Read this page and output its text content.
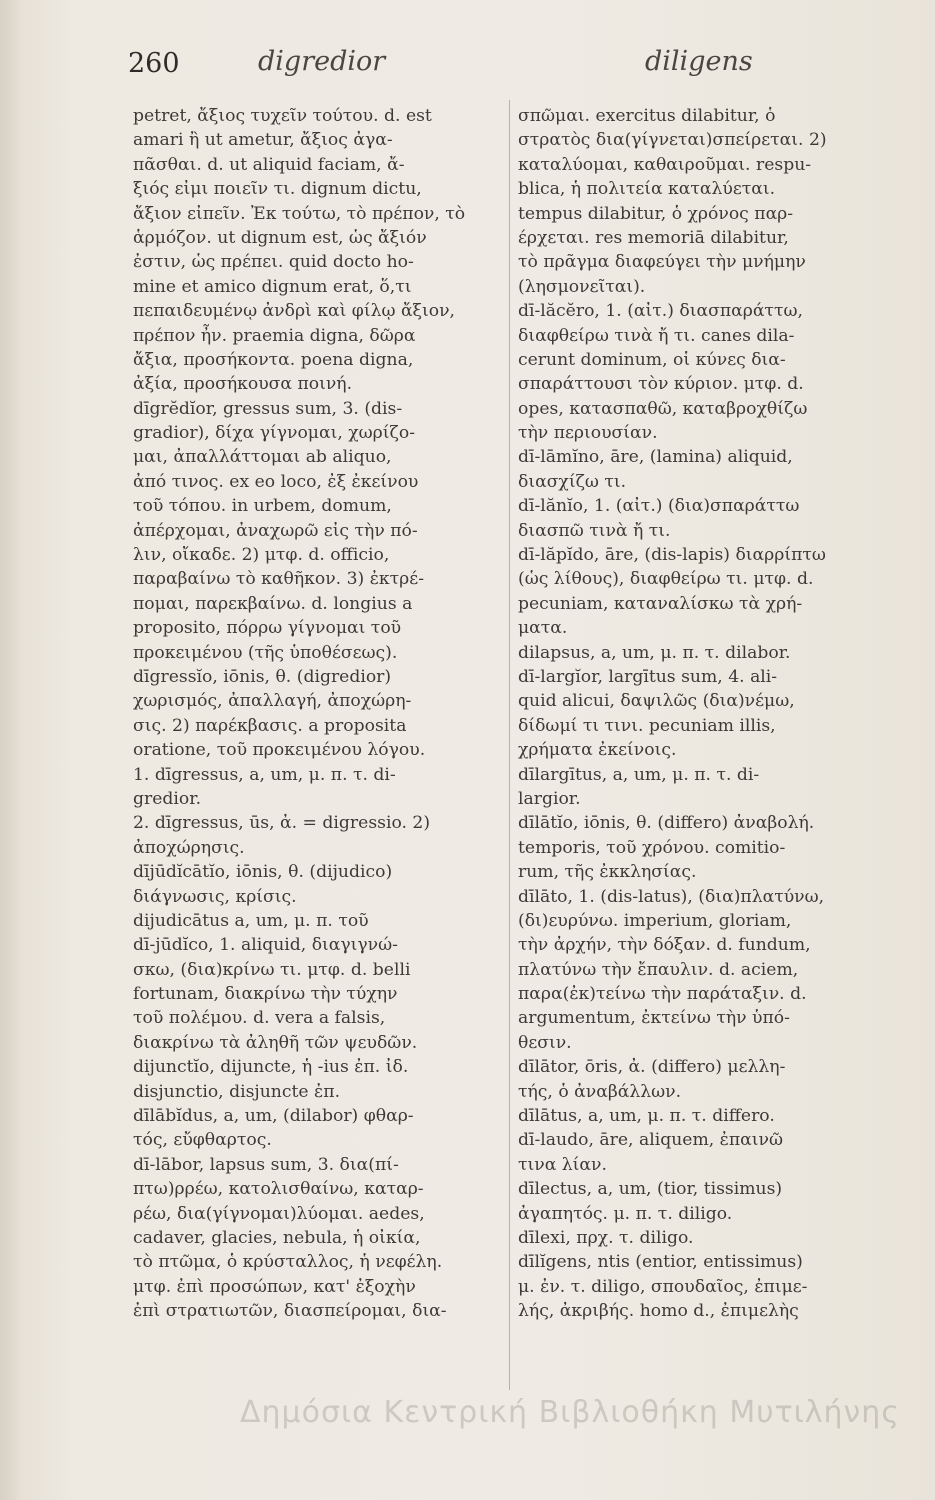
260	digredior	diligens
petret, ἄξιος τυχεῖν τούτου. d. est
amari ἢ ut ametur, ἄξιος ἀγα-
πᾶσθαι. d. ut aliquid faciam, ἄ-
ξιός εἰμι ποιεῖν τι. dignum dictu,
ἄξιον εἰπεῖν. Ἐκ τούτω, τὸ πρέπον, τὸ
ἁρμόζον. ut dignum est, ὡς ἄξιόν
ἐστιν, ὡς πρέπει. quid docto ho-
mine et amico dignum erat, ὅ,τι
πεπαιδευμένῳ ἀνδρὶ καὶ φίλῳ ἄξιον,
πρέπον ἦν. praemia digna, δῶρα
ἄξια, προσήκοντα. poena digna,
ἀξία, προσήκουσα ποινή.
dīgrĕdĭor, gressus sum, 3. (dis-
gradior), δίχα γίγνομαι, χωρίζο-
μαι, ἀπαλλάττομαι ab aliquo,
ἀπό τινος. ex eo loco, ἐξ ἐκείνου
τοῦ τόπου. in urbem, domum,
ἀπέρχομαι, ἀναχωρῶ εἰς τὴν πό-
λιν, οἴκαδε. 2) μτφ. d. officio,
παραβαίνω τὸ καθῆκον. 3) ἐκτρέ-
πομαι, παρεκβαίνω. d. longius a
proposito, πόρρω γίγνομαι τοῦ
προκειμένου (τῆς ὑποθέσεως).
dīgressĭo, iōnis, θ. (digredior)
χωρισμός, ἀπαλλαγή, ἀποχώρη-
σις. 2) παρέκβασις. a proposita
oratione, τοῦ προκειμένου λόγου.
1. dīgressus, a, um, μ. π. τ. di-
gredior.
2. dīgressus, ūs, ἀ. = digressio. 2)
ἀποχώρησις.
dījūdĭcātĭo, iōnis, θ. (dijudico)
διάγνωσις, κρίσις.
dijudicātus a, um, μ. π. τοῦ
dī-jūdĭco, 1. aliquid, διαγιγνώ-
σκω, (δια)κρίνω τι. μτφ. d. belli
fortunam, διακρίνω τὴν τύχην
τοῦ πολέμου. d. vera a falsis,
διακρίνω τὰ ἀληθῆ τῶν ψευδῶν.
dijunctĭo, dijuncte, ἡ -ius ἐπ. ἰδ.
disjunctio, disjuncte ἐπ.
dīlābĭdus, a, um, (dilabor) φθαρ-
τός, εὔφθαρτος.
dī-lābor, lapsus sum, 3. δια(πί-
πτω)ρρέω, κατολισθαίνω, καταρ-
ρέω, δια(γίγνομαι)λύομαι. aedes,
cadaver, glacies, nebula, ἡ οἰκία,
τὸ πτῶμα, ὁ κρύσταλλος, ἡ νεφέλη.
μτφ. ἐπὶ προσώπων, κατ' ἐξοχὴν
ἐπὶ στρατιωτῶν, διασπείρομαι, δια-
σπῶμαι. exercitus dilabitur, ὁ
στρατὸς δια(γίγνεται)σπείρεται. 2)
καταλύομαι, καθαιροῦμαι. respu-
blica, ἡ πολιτεία καταλύεται.
tempus dilabitur, ὁ χρόνος παρ-
έρχεται. res memoriā dilabitur,
τὸ πρᾶγμα διαφεύγει τὴν μνήμην
(λησμονεῖται).
dī-lăcĕro, 1. (αἰτ.) διασπαράττω,
διαφθείρω τινὰ ἤ τι. canes dila-
cerunt dominum, οἱ κύνες δια-
σπαράττουσι τὸν κύριον. μτφ. d.
opes, κατασπαθῶ, καταβροχθίζω
τὴν περιουσίαν.
dī-lāmĭno, āre, (lamina) aliquid,
διασχίζω τι.
dī-lănĭo, 1. (αἰτ.) (δια)σπαράττω
διασπῶ τινὰ ἤ τι.
dī-lăpĭdo, āre, (dis-lapis) διαρρίπτω
(ὡς λίθους), διαφθείρω τι. μτφ. d.
pecuniam, καταναλίσκω τὰ χρή-
ματα.
dilapsus, a, um, μ. π. τ. dilabor.
dī-largĭor, largītus sum, 4. ali-
quid alicui, δαψιλῶς (δια)νέμω,
δίδωμί τι τινι. pecuniam illis,
χρήματα ἐκείνοις.
dīlargītus, a, um, μ. π. τ. di-
largior.
dīlātĭo, iōnis, θ. (differo) ἀναβολή.
temporis, τοῦ χρόνου. comitio-
rum, τῆς ἐκκλησίας.
dīlāto, 1. (dis-latus), (δια)πλατύνω,
(δι)ευρύνω. imperium, gloriam,
τὴν ἀρχήν, τὴν δόξαν. d. fundum,
πλατύνω τὴν ἔπαυλιν. d. aciem,
παρα(ἐκ)τείνω τὴν παράταξιν. d.
argumentum, ἐκτείνω τὴν ὑπό-
θεσιν.
dīlātor, ōris, ἀ. (differo) μελλη-
τής, ὁ ἀναβάλλων.
dīlātus, a, um, μ. π. τ. differo.
dī-laudo, āre, aliquem, ἐπαινῶ
τινα λίαν.
dīlectus, a, um, (tior, tissimus)
ἀγαπητός. μ. π. τ. diligo.
dīlexi, πρχ. τ. diligo.
dīlĭgens, ntis (entior, entissimus)
μ. ἐν. τ. diligo, σπουδαῖος, ἐπιμε-
λής, ἀκριβής. homo d., ἐπιμελὴς
Δημόσια Κεντρική Βιβλιοθήκη Μυτιλήνης
